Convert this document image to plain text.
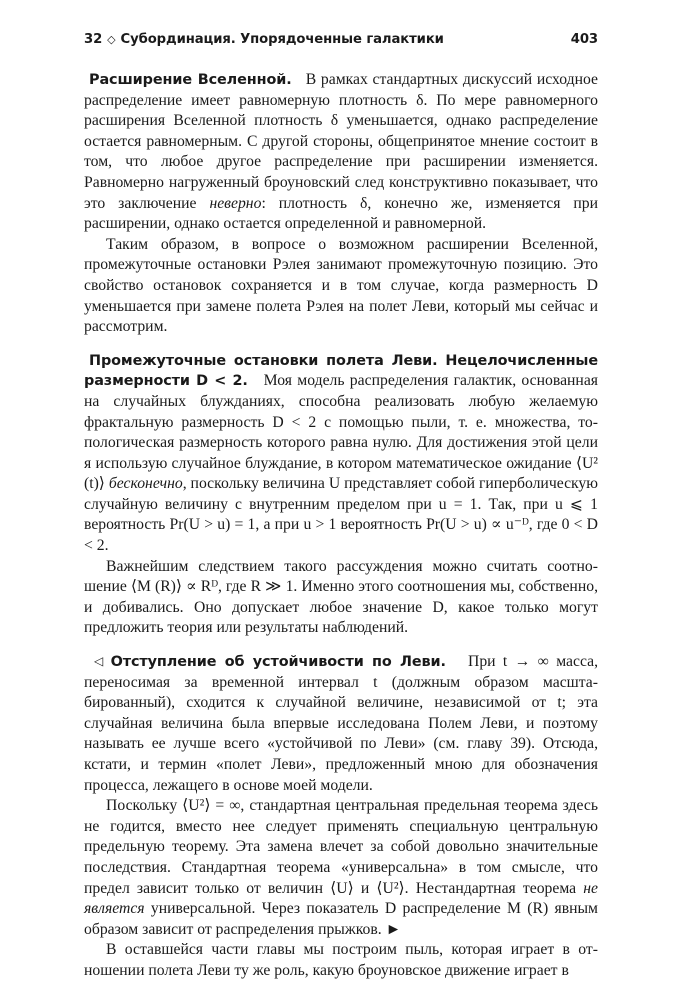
32 ◇ Субординация. Упорядоченные галактики	403

Расширение Вселенной. В рамках стандартных дискуссий исходное распределение имеет равномерную плотность δ. По мере равномерного расширения Вселенной плотность δ уменьшается, однако распределение остается равномерным. С другой стороны, общепринятое мнение состоит в том, что любое другое распределение при расширении изменяется. Равномерно нагруженный броуновский след конструктивно показывает, что это заключение неверно: плотность δ, конечно же, изменяется при расширении, однако остается определенной и равномерной.

Таким образом, в вопросе о возможном расширении Вселенной, промежуточные остановки Рэлея занимают промежуточную позицию. Это свойство остановок сохраняется и в том случае, когда размерность D уменьшается при замене полета Рэлея на полет Леви, который мы сейчас и рассмотрим.

Промежуточные остановки полета Леви. Нецелочисленные размерности D < 2. Моя модель распределения галактик, основанная на случайных блужданиях, способна реализовать любую желаемую фрактальную размерность D < 2 с помощью пыли, т. е. множества, топологическая размерность которого равна нулю. Для достижения этой цели я использую случайное блуждание, в котором математическое ожидание ⟨U² (t)⟩ бесконечно, поскольку величина U представляет собой гиперболическую случайную величину с внутренним пределом при u = 1. Так, при u ⩽ 1 вероятность Pr(U > u) = 1, а при u > 1 вероятность Pr(U > u) ∝ u⁻ᴰ, где 0 < D < 2.

Важнейшим следствием такого рассуждения можно считать соотношение ⟨M (R)⟩ ∝ Rᴰ, где R ≫ 1. Именно этого соотношения мы, собственно, и добивались. Оно допускает любое значение D, какое только могут предложить теория или результаты наблюдений.

◁ Отступление об устойчивости по Леви. При t → ∞ масса, переносимая за временной интервал t (должным образом масштабированный), сходится к случайной величине, независимой от t; эта случайная величина была впервые исследована Полем Леви, и поэтому называть ее лучше всего «устойчивой по Леви» (см. главу 39). Отсюда, кстати, и термин «полет Леви», предложенный мною для обозначения процесса, лежащего в основе моей модели.

Поскольку ⟨U²⟩ = ∞, стандартная центральная предельная теорема здесь не годится, вместо нее следует применять специальную центральную предельную теорему. Эта замена влечет за собой довольно значительные последствия. Стандартная теорема «универсальна» в том смысле, что предел зависит только от величин ⟨U⟩ и ⟨U²⟩. Нестандартная теорема не является универсальной. Через показатель D распределение M (R) явным образом зависит от распределения прыжков. ►

В оставшейся части главы мы построим пыль, которая играет в отношении полета Леви ту же роль, какую броуновское движение играет в
